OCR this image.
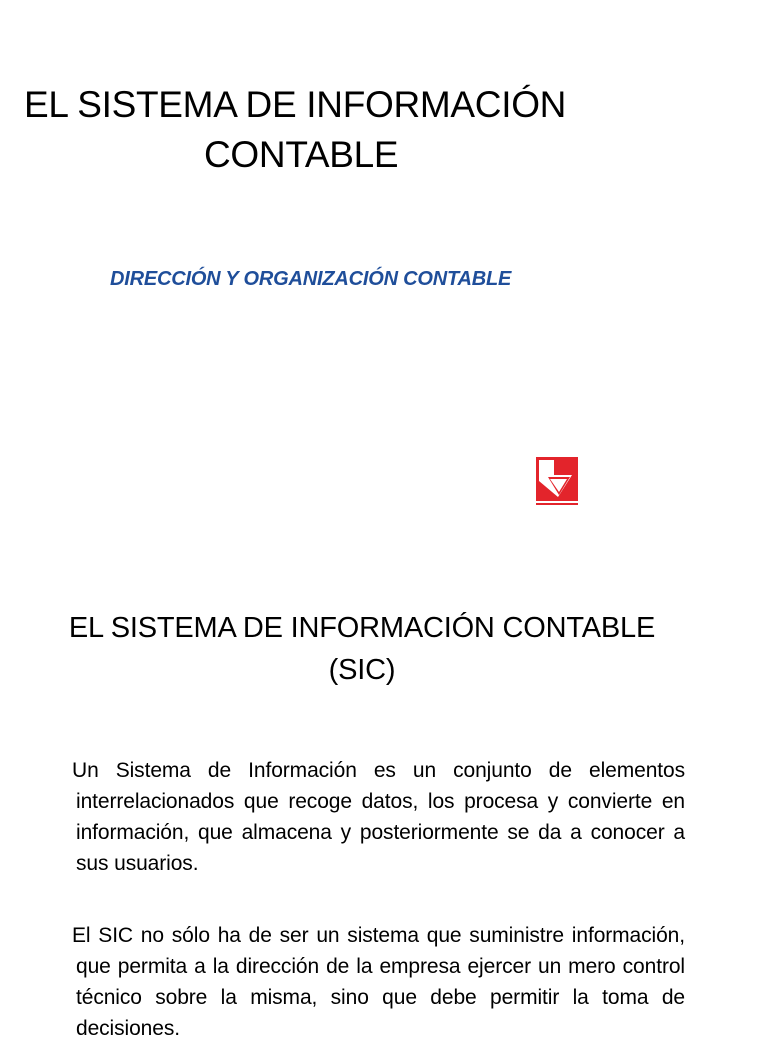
EL SISTEMA DE INFORMACIÓN
CONTABLE
DIRECCIÓN Y ORGANIZACIÓN CONTABLE
EL SISTEMA DE INFORMACIÓN CONTABLE
(SIC)
Un Sistema de Información es un conjunto de elementos interrelacionados que recoge datos, los procesa y convierte en información, que almacena y posteriormente se da a conocer a sus usuarios.
El SIC no sólo ha de ser un sistema que suministre información, que permita a la dirección de la empresa ejercer un mero control técnico sobre la misma, sino que debe permitir la toma de decisiones.
